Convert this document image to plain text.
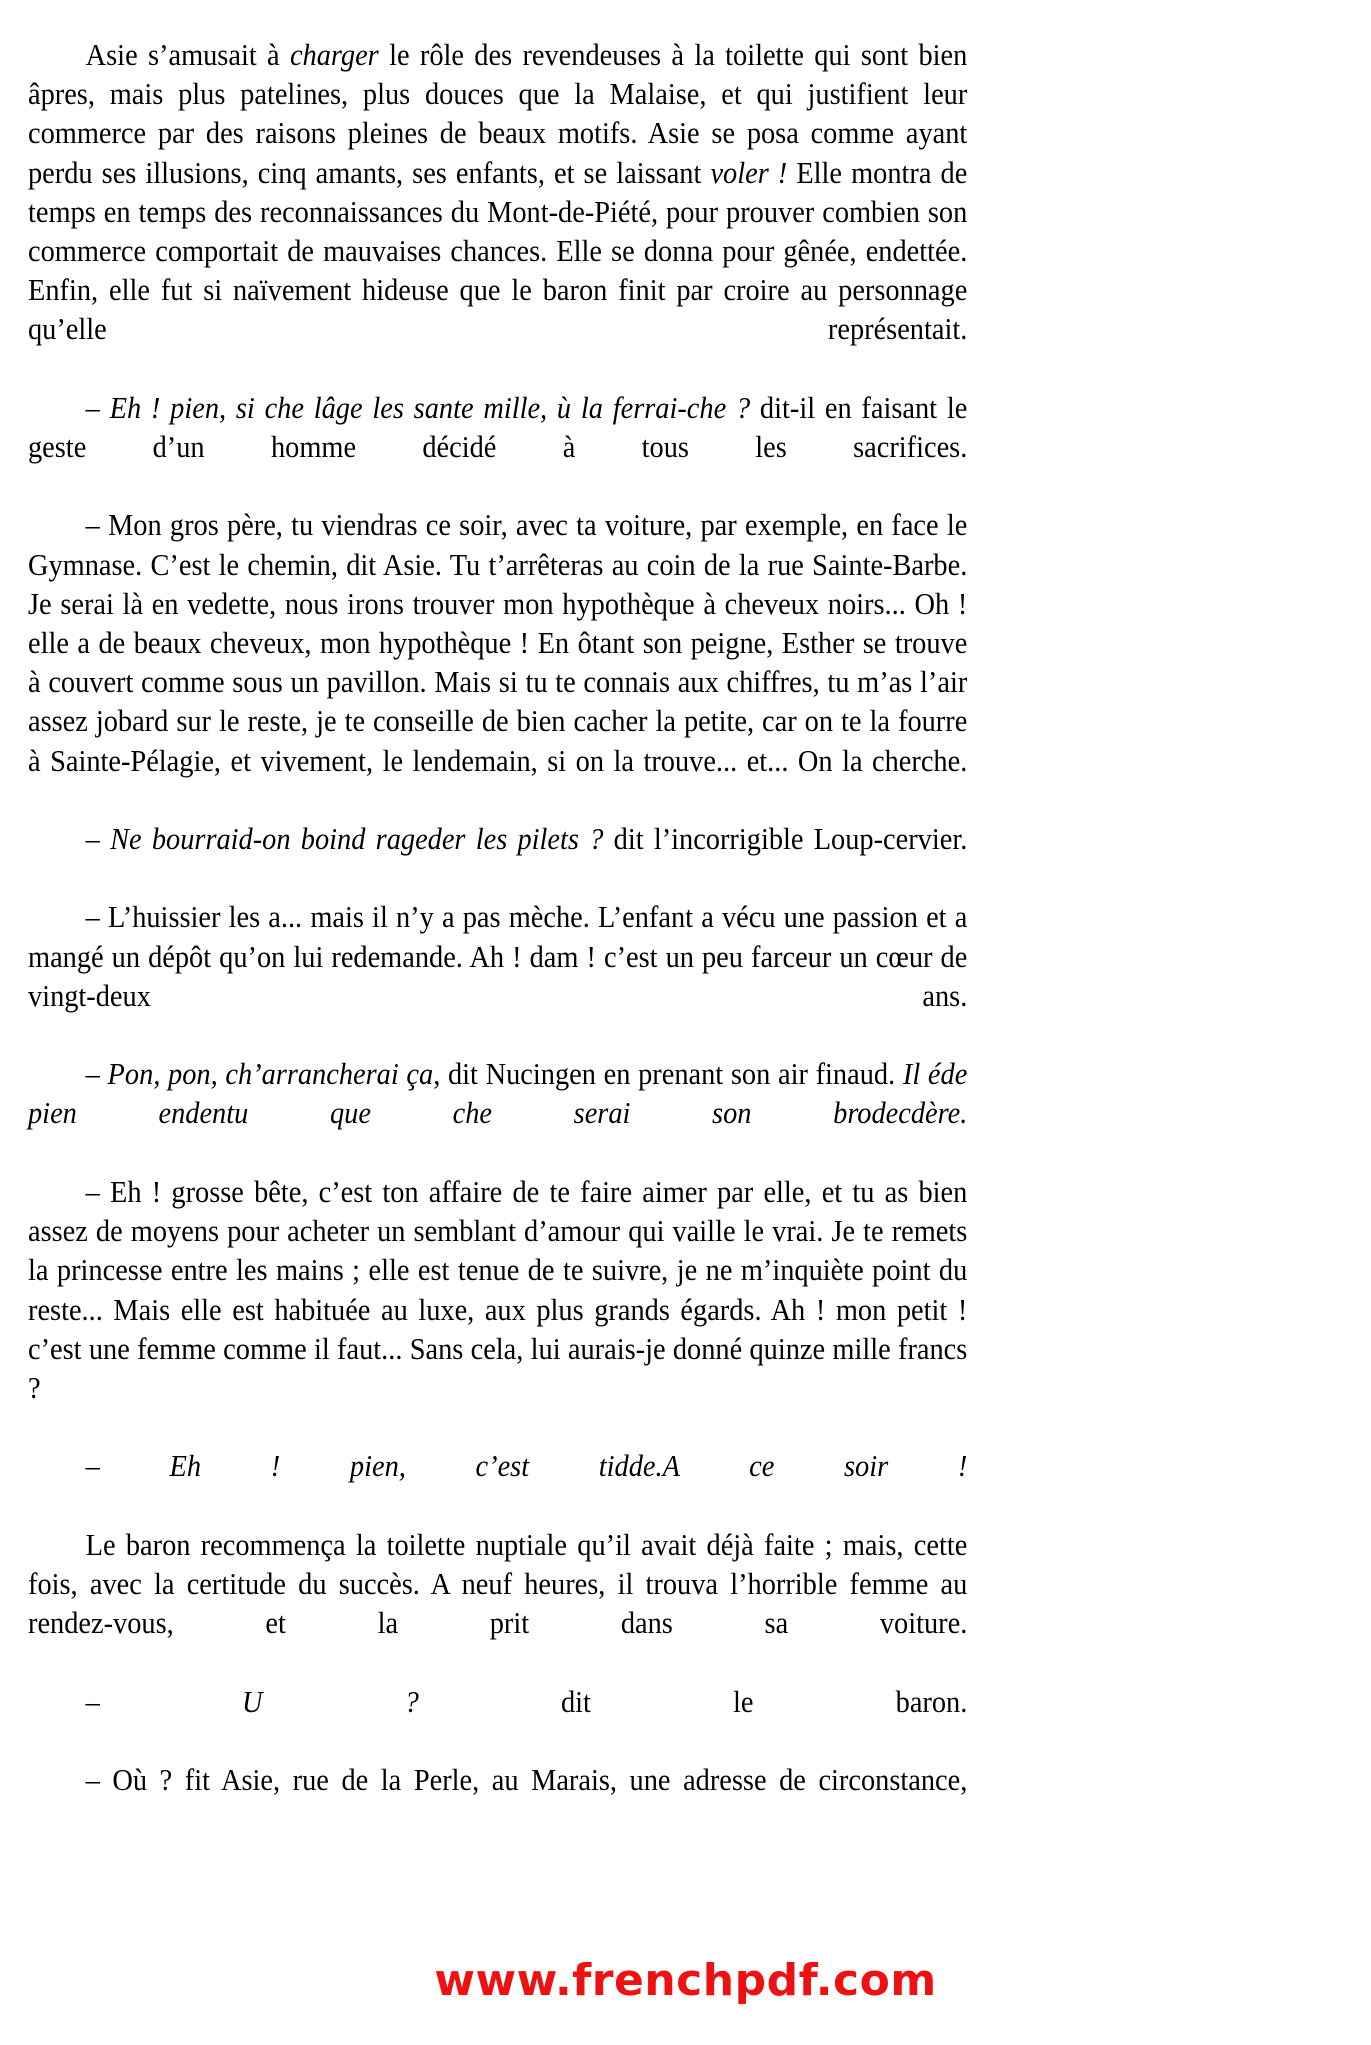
Asie s’amusait à charger le rôle des revendeuses à la toilette qui sont bien âpres, mais plus patelines, plus douces que la Malaise, et qui justifient leur commerce par des raisons pleines de beaux motifs. Asie se posa comme ayant perdu ses illusions, cinq amants, ses enfants, et se laissant voler ! Elle montra de temps en temps des reconnaissances du Mont-de-Piété, pour prouver combien son commerce comportait de mauvaises chances. Elle se donna pour gênée, endettée. Enfin, elle fut si naïvement hideuse que le baron finit par croire au personnage qu’elle représentait.

– Eh ! pien, si che lâge les sante mille, ù la ferrai-che ? dit-il en faisant le geste d’un homme décidé à tous les sacrifices.

– Mon gros père, tu viendras ce soir, avec ta voiture, par exemple, en face le Gymnase. C’est le chemin, dit Asie. Tu t’arrêteras au coin de la rue Sainte-Barbe. Je serai là en vedette, nous irons trouver mon hypothèque à cheveux noirs... Oh ! elle a de beaux cheveux, mon hypothèque ! En ôtant son peigne, Esther se trouve à couvert comme sous un pavillon. Mais si tu te connais aux chiffres, tu m’as l’air assez jobard sur le reste, je te conseille de bien cacher la petite, car on te la fourre à Sainte-Pélagie, et vivement, le lendemain, si on la trouve... et... On la cherche.

– Ne bourraid-on boind rageder les pilets ? dit l’incorrigible Loup-cervier.

– L’huissier les a... mais il n’y a pas mèche. L’enfant a vécu une passion et a mangé un dépôt qu’on lui redemande. Ah ! dam ! c’est un peu farceur un cœur de vingt-deux ans.

– Pon, pon, ch’arrancherai ça, dit Nucingen en prenant son air finaud. Il éde pien endentu que che serai son brodecdère.

– Eh ! grosse bête, c’est ton affaire de te faire aimer par elle, et tu as bien assez de moyens pour acheter un semblant d’amour qui vaille le vrai. Je te remets la princesse entre les mains ; elle est tenue de te suivre, je ne m’inquiète point du reste... Mais elle est habituée au luxe, aux plus grands égards. Ah ! mon petit ! c’est une femme comme il faut... Sans cela, lui aurais-je donné quinze mille francs ?

– Eh ! pien, c’est tidde.A ce soir !

Le baron recommença la toilette nuptiale qu’il avait déjà faite ; mais, cette fois, avec la certitude du succès. A neuf heures, il trouva l’horrible femme au rendez-vous, et la prit dans sa voiture.

– U ? dit le baron.

– Où ? fit Asie, rue de la Perle, au Marais, une adresse de circonstance,

www.frenchpdf.com
